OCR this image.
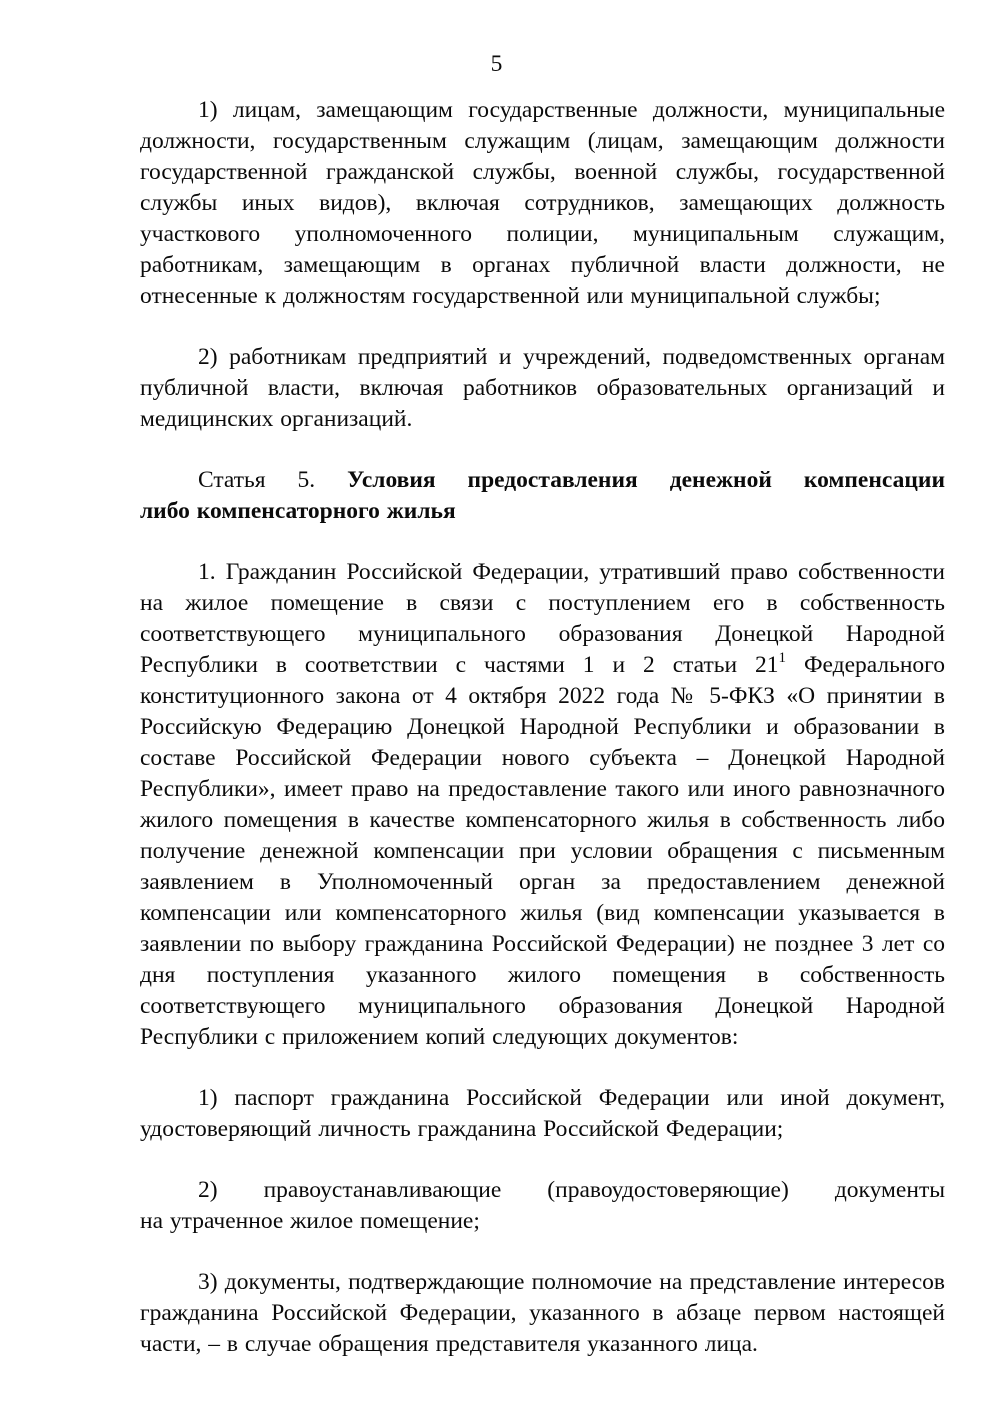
5

1) лицам, замещающим государственные должности, муниципальные должности, государственным служащим (лицам, замещающим должности государственной гражданской службы, военной службы, государственной службы иных видов), включая сотрудников, замещающих должность участкового уполномоченного полиции, муниципальным служащим, работникам, замещающим в органах публичной власти должности, не отнесенные к должностям государственной или муниципальной службы;

2) работникам предприятий и учреждений, подведомственных органам публичной власти, включая работников образовательных организаций и медицинских организаций.

Статья 5. Условия предоставления денежной компенсации
либо компенсаторного жилья

1. Гражданин Российской Федерации, утративший право собственности на жилое помещение в связи с поступлением его в собственность соответствующего муниципального образования Донецкой Народной Республики в соответствии с частями 1 и 2 статьи 21$^1$ Федерального конституционного закона от 4 октября 2022 года № 5-ФКЗ «О принятии в Российскую Федерацию Донецкой Народной Республики и образовании в составе Российской Федерации нового субъекта – Донецкой Народной Республики», имеет право на предоставление такого или иного равнозначного жилого помещения в качестве компенсаторного жилья в собственность либо получение денежной компенсации при условии обращения с письменным заявлением в Уполномоченный орган за предоставлением денежной компенсации или компенсаторного жилья (вид компенсации указывается в заявлении по выбору гражданина Российской Федерации) не позднее 3 лет со дня поступления указанного жилого помещения в собственность соответствующего муниципального образования Донецкой Народной Республики с приложением копий следующих документов:

1) паспорт гражданина Российской Федерации или иной документ, удостоверяющий личность гражданина Российской Федерации;

2) правоустанавливающие (правоудостоверяющие) документы
на утраченное жилое помещение;

3) документы, подтверждающие полномочие на представление интересов гражданина Российской Федерации, указанного в абзаце первом настоящей части, – в случае обращения представителя указанного лица.
